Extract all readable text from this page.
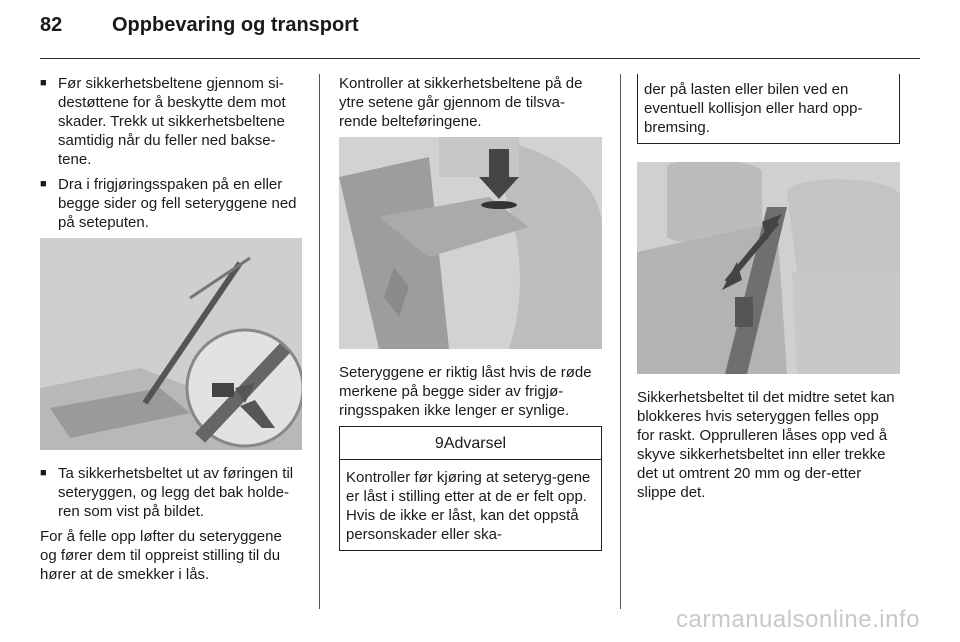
82 Oppbevaring og transport
■ Før sikkerhetsbeltene gjennom si-destøttene for å beskytte dem mot skader. Trekk ut sikkerhetsbeltene samtidig når du feller ned bakse-tene.
■ Dra i frigjøringsspaken på en eller begge sider og fell seteryggene ned på seteputen.
■ Ta sikkerhetsbeltet ut av føringen til seteryggen, og legg det bak holde-ren som vist på bildet.

For å felle opp løfter du seteryggene og fører dem til oppreist stilling til du hører at de smekker i lås.

Kontroller at sikkerhetsbeltene på de ytre setene går gjennom de tilsva-rende belteføringene.

Seteryggene er riktig låst hvis de røde merkene på begge sider av frigjø-ringsspaken ikke lenger er synlige.

9Advarsel
Kontroller før kjøring at seteryg-gene er låst i stilling etter at de er felt opp. Hvis de ikke er låst, kan det oppstå personskader eller ska-
der på lasten eller bilen ved en eventuell kollisjon eller hard opp-bremsing.

Sikkerhetsbeltet til det midtre setet kan blokkeres hvis seteryggen felles opp for raskt. Opprulleren låses opp ved å skyve sikkerhetsbeltet inn eller trekke det ut omtrent 20 mm og der-etter slippe det.

carmanualsonline.info
